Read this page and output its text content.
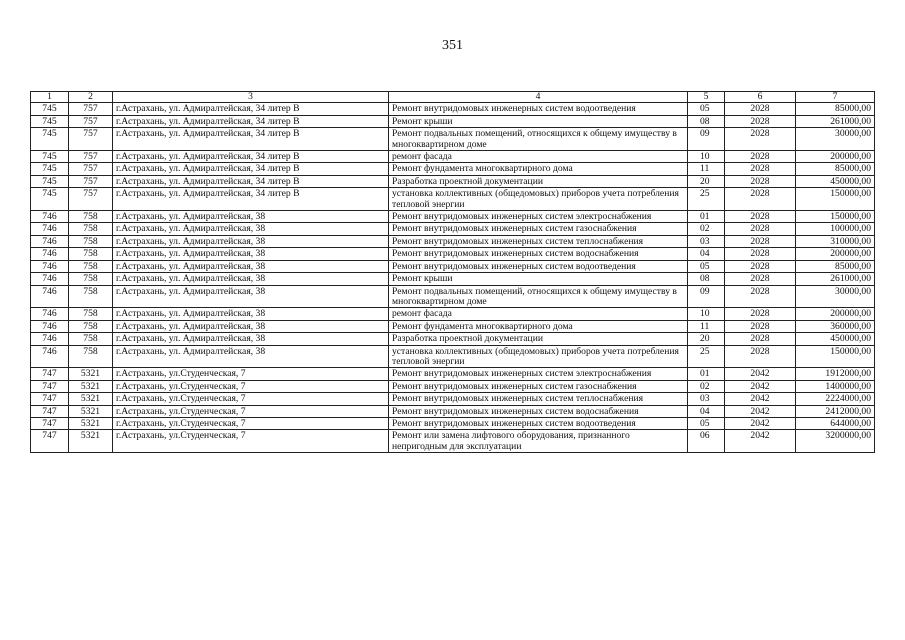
351
1	2	3	4	5	6	7
745	757	г.Астрахань, ул. Адмиралтейская, 34 литер В	Ремонт внутридомовых инженерных систем водоотведения	05	2028	85000,00
745	757	г.Астрахань, ул. Адмиралтейская, 34 литер В	Ремонт крыши	08	2028	261000,00
745	757	г.Астрахань, ул. Адмиралтейская, 34 литер В	Ремонт подвальных помещений, относящихся к общему имуществу в многоквартирном доме	09	2028	30000,00
745	757	г.Астрахань, ул. Адмиралтейская, 34 литер В	ремонт фасада	10	2028	200000,00
745	757	г.Астрахань, ул. Адмиралтейская, 34 литер В	Ремонт фундамента многоквартирного дома	11	2028	85000,00
745	757	г.Астрахань, ул. Адмиралтейская, 34 литер В	Разработка проектной документации	20	2028	450000,00
745	757	г.Астрахань, ул. Адмиралтейская, 34 литер В	установка коллективных (общедомовых) приборов учета потребления тепловой энергии	25	2028	150000,00
746	758	г.Астрахань, ул. Адмиралтейская, 38	Ремонт внутридомовых инженерных систем электроснабжения	01	2028	150000,00
746	758	г.Астрахань, ул. Адмиралтейская, 38	Ремонт внутридомовых инженерных систем газоснабжения	02	2028	100000,00
746	758	г.Астрахань, ул. Адмиралтейская, 38	Ремонт внутридомовых инженерных систем теплоснабжения	03	2028	310000,00
746	758	г.Астрахань, ул. Адмиралтейская, 38	Ремонт внутридомовых инженерных систем водоснабжения	04	2028	200000,00
746	758	г.Астрахань, ул. Адмиралтейская, 38	Ремонт внутридомовых инженерных систем водоотведения	05	2028	85000,00
746	758	г.Астрахань, ул. Адмиралтейская, 38	Ремонт крыши	08	2028	261000,00
746	758	г.Астрахань, ул. Адмиралтейская, 38	Ремонт подвальных помещений, относящихся к общему имуществу в многоквартирном доме	09	2028	30000,00
746	758	г.Астрахань, ул. Адмиралтейская, 38	ремонт фасада	10	2028	200000,00
746	758	г.Астрахань, ул. Адмиралтейская, 38	Ремонт фундамента многоквартирного дома	11	2028	360000,00
746	758	г.Астрахань, ул. Адмиралтейская, 38	Разработка проектной документации	20	2028	450000,00
746	758	г.Астрахань, ул. Адмиралтейская, 38	установка коллективных (общедомовых) приборов учета потребления тепловой энергии	25	2028	150000,00
747	5321	г.Астрахань, ул.Студенческая, 7	Ремонт внутридомовых инженерных систем электроснабжения	01	2042	1912000,00
747	5321	г.Астрахань, ул.Студенческая, 7	Ремонт внутридомовых инженерных систем газоснабжения	02	2042	1400000,00
747	5321	г.Астрахань, ул.Студенческая, 7	Ремонт внутридомовых инженерных систем теплоснабжения	03	2042	2224000,00
747	5321	г.Астрахань, ул.Студенческая, 7	Ремонт внутридомовых инженерных систем водоснабжения	04	2042	2412000,00
747	5321	г.Астрахань, ул.Студенческая, 7	Ремонт внутридомовых инженерных систем водоотведения	05	2042	644000,00
747	5321	г.Астрахань, ул.Студенческая, 7	Ремонт или замена лифтового оборудования, признанного непригодным для эксплуатации	06	2042	3200000,00
